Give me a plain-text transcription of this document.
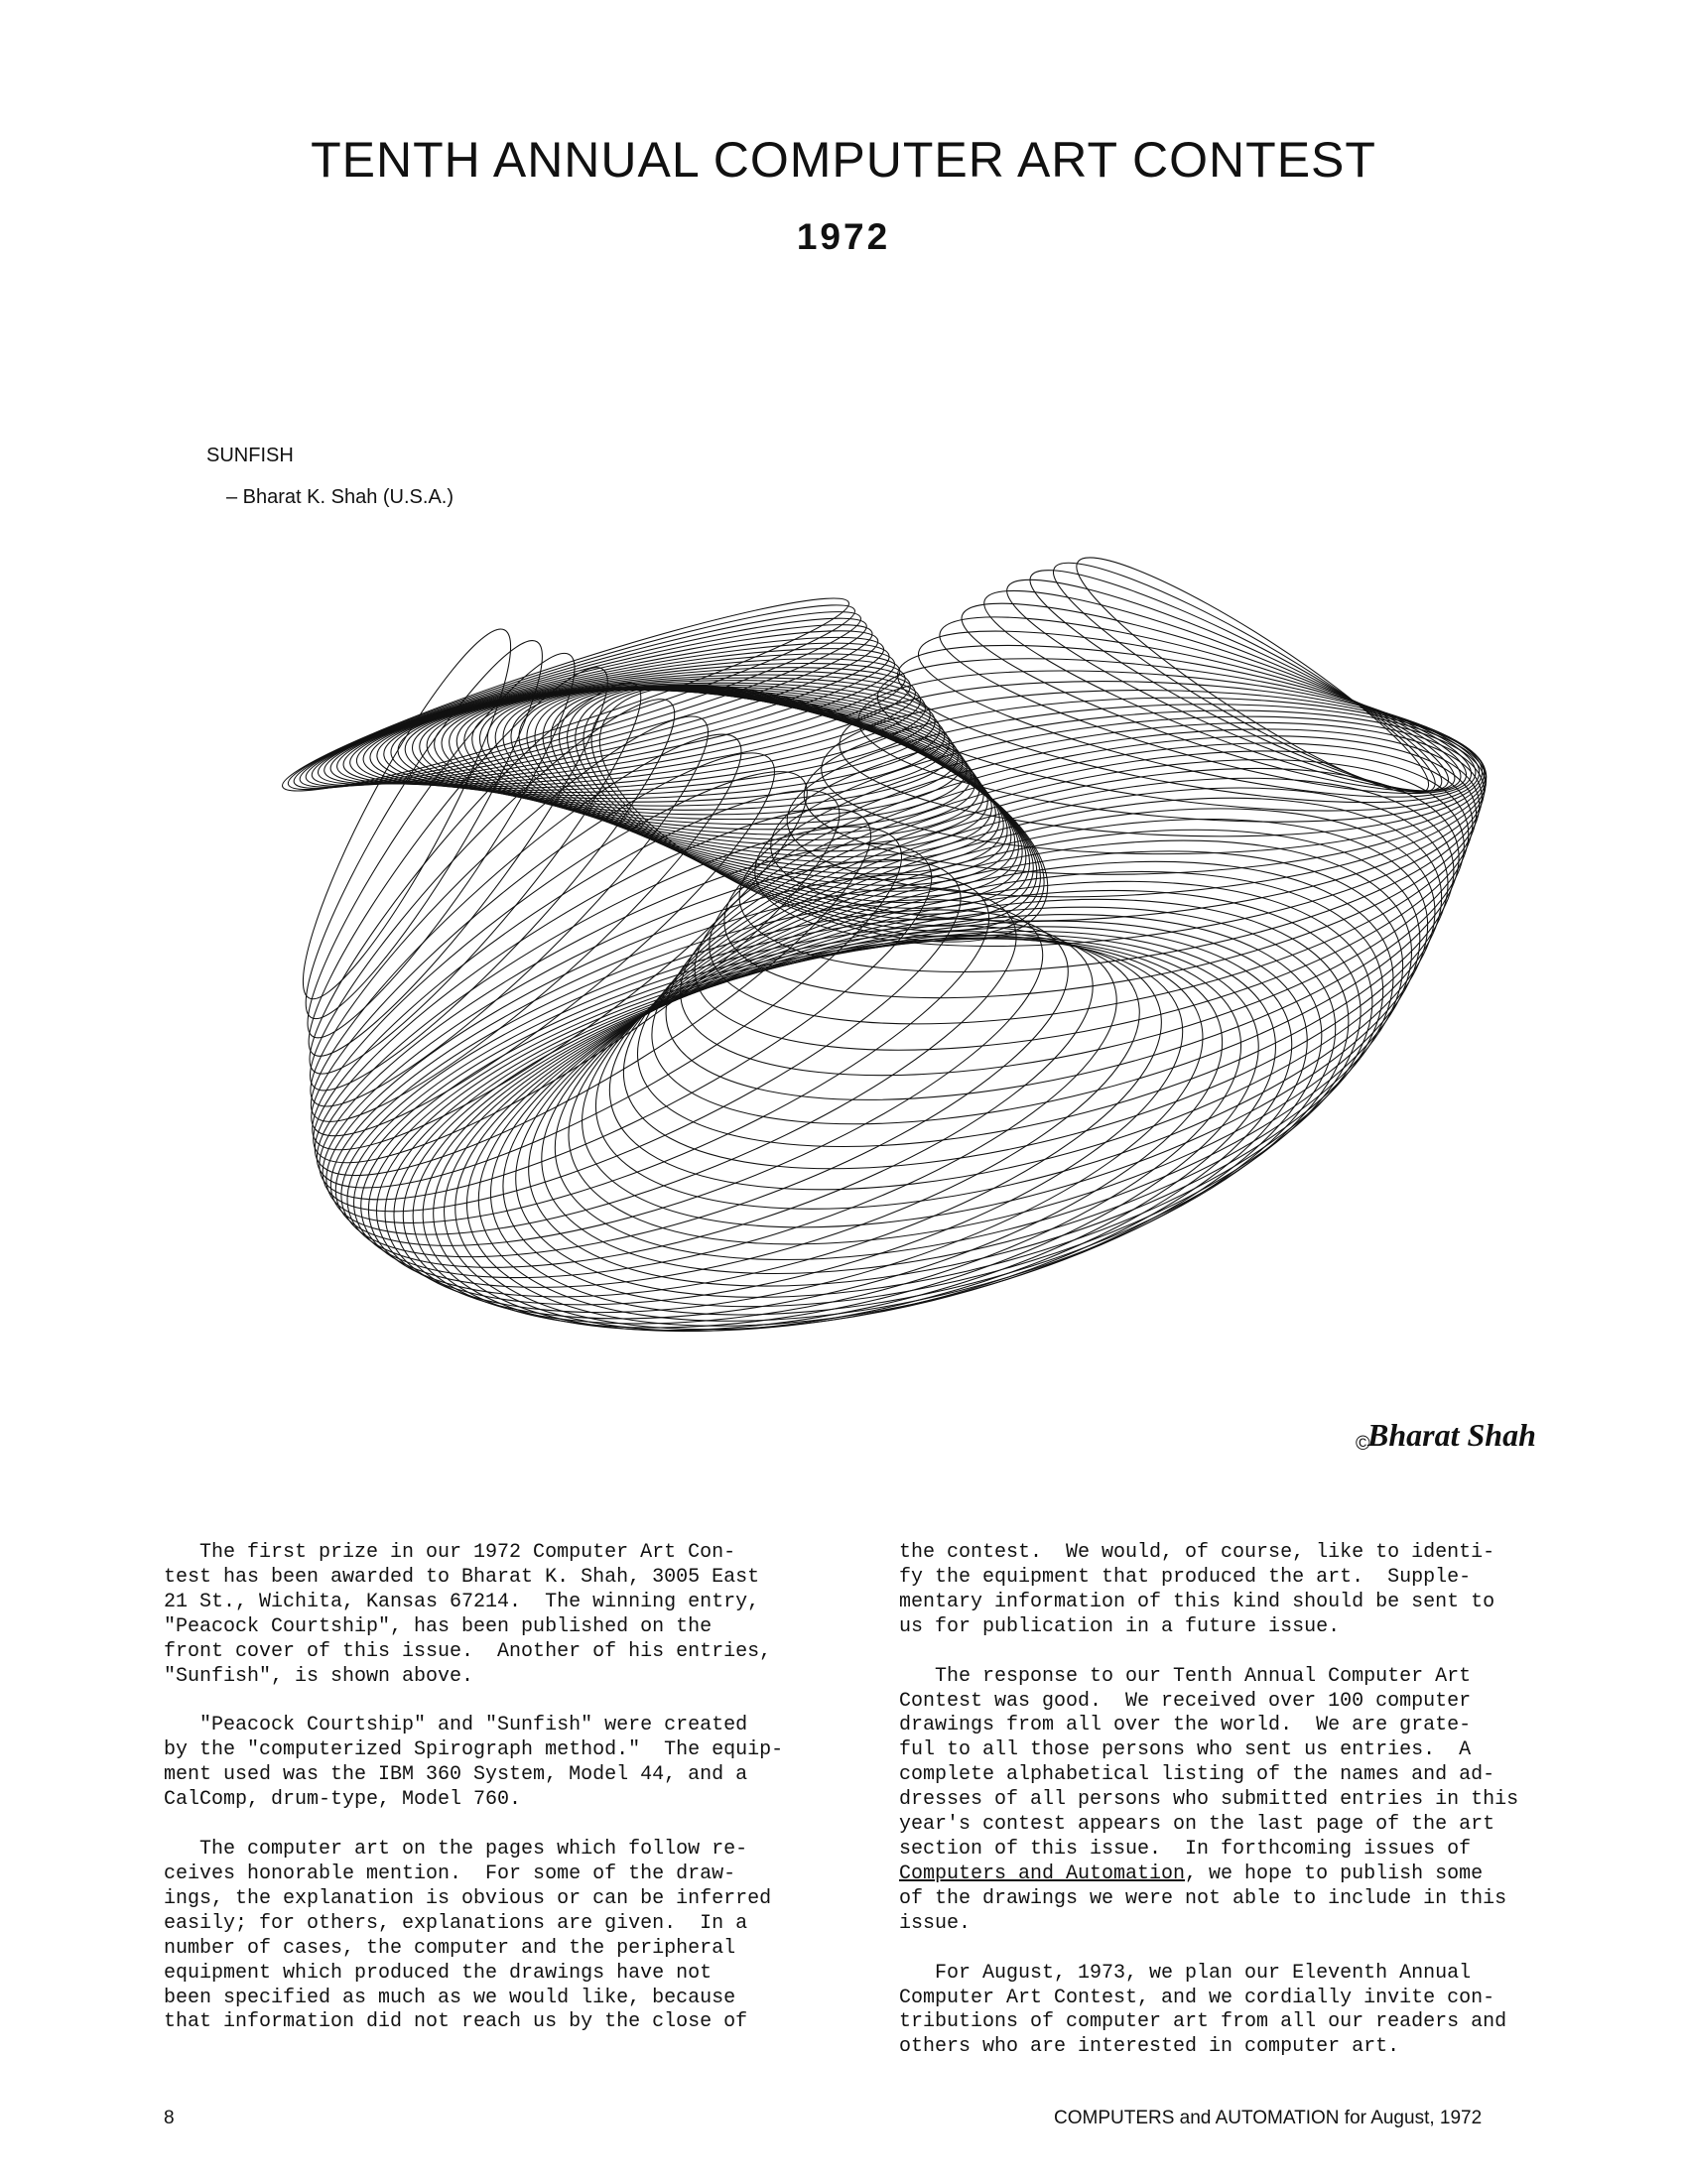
TENTH ANNUAL COMPUTER ART CONTEST
1972
SUNFISH
– Bharat K. Shah (U.S.A.)
©
Bharat Shah

The first prize in our 1972 Computer Art Con-
test has been awarded to Bharat K. Shah, 3005 East
21 St., Wichita, Kansas 67214.  The winning entry,
"Peacock Courtship", has been published on the
front cover of this issue.  Another of his entries,
"Sunfish", is shown above.

"Peacock Courtship" and "Sunfish" were created
by the "computerized Spirograph method."  The equip-
ment used was the IBM 360 System, Model 44, and a
CalComp, drum-type, Model 760.

The computer art on the pages which follow re-
ceives honorable mention.  For some of the draw-
ings, the explanation is obvious or can be inferred
easily; for others, explanations are given.  In a
number of cases, the computer and the peripheral
equipment which produced the drawings have not
been specified as much as we would like, because
that information did not reach us by the close of

the contest.  We would, of course, like to identi-
fy the equipment that produced the art.  Supple-
mentary information of this kind should be sent to
us for publication in a future issue.

The response to our Tenth Annual Computer Art
Contest was good.  We received over 100 computer
drawings from all over the world.  We are grate-
ful to all those persons who sent us entries.  A
complete alphabetical listing of the names and ad-
dresses of all persons who submitted entries in this
year's contest appears on the last page of the art
section of this issue.  In forthcoming issues of
Computers and Automation, we hope to publish some
of the drawings we were not able to include in this
issue.

For August, 1973, we plan our Eleventh Annual
Computer Art Contest, and we cordially invite con-
tributions of computer art from all our readers and
others who are interested in computer art.

8	COMPUTERS and AUTOMATION for August, 1972
